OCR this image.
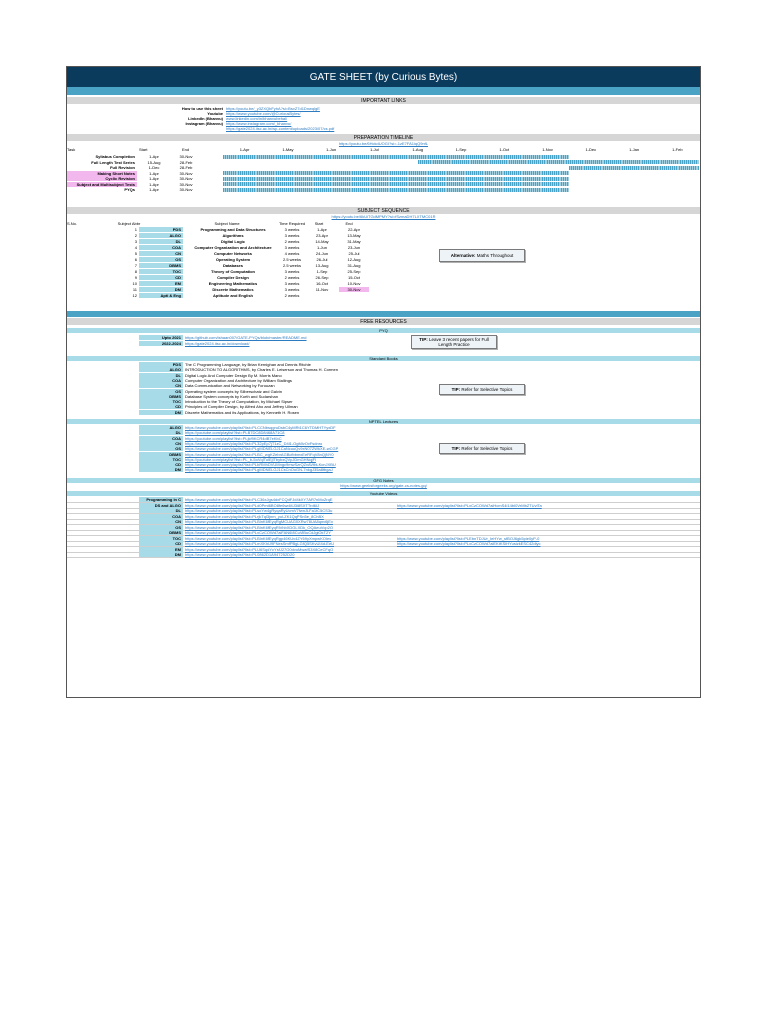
GATE SHEET (by Curious Bytes)
IMPORTANT LINKS
How to use this sheet https://youtu.be/_y3ZXQbFyhA?si=BsvZ7d1DnwqlgE
Youtube https://www.youtube.com/@CuriousBytes/
LinkedIn (Bhanvu) www.linkedin.com/in/bhanvubehal/
Instagram (Bhanvu) https://www.instagram.com/_bhanvu/
https://gate2024.iisc.ac.in/wp-content/uploads/2023/07/cs.pdf
PREPARATION TIMELINE
https://youtu.be/6HckdUOGI?si=-1zE7FA1iqQ9nfL
Task	Start	End	1-Apr	1-May	1-Jun	1-Jul	1-Aug	1-Sep	1-Oct	1-Nov	1-Dec	1-Jan	1-Feb
Syllabus Completion	1-Apr	30-Nov
Full Length Test Series	15-Aug	28-Feb
Full Revision	1-Dec	28-Feb
Making Short Notes	1-Apr	30-Nov
Cyclic Revision	1-Apr	30-Nov
Subject and Multisubject Tests	1-Apr	30-Nov
PYQs	1-Apr	30-Nov
SUBJECT SEQUENCE
https://youtu.be/6kUiTGdMPMY?si=fSzmaDH7LXTMC01R
Alternative:
Maths Throughout
S.No.	Subject Abbr	Subject Name	Time Required	Start	End
1	PDS	Programming and Data Structures	3 weeks	1-Apr	22-Apr
2	ALGO	Algorithms	3 weeks	23-Apr	13-May
3	DL	Digital Logic	2 weeks	14-May	31-May
4	COA	Computer Organization and Architecture	3 weeks	1-Jun	23-Jun
5	CN	Computer Networks	4 weeks	24-Jun	25-Jul
6	OS	Operating System	2.5 weeks	26-Jul	12-Aug
7	DBMS	Databases	2.5 weeks	13-Aug	31-Aug
8	TOC	Theory of Computation	3 weeks	1-Sep	25-Sep
9	CD	Compiler Design	2 weeks	26-Sep	15-Oct
10	EM	Engineering Mathematics	3 weeks	16-Oct	10-Nov
11	DM	Discrete Mathematics	3 weeks	11-Nov	30-Nov
12	Apti & Eng	Aptitude and English	2 weeks
FREE RESOURCES
PYQ
TIP: Leave 3 recent papers for Full Length Practice
Upto 2021	https://github.com/ishaan007/GATE-PYQs/blob/master/README.md
2022-2024	https://gate2024.iisc.ac.in/download/
Standard Books
TIP: Refer for Selective Topics
PDS	The C Programming Language, by Brian Kernighan and Dennis Ritchie
ALGO	INTRODUCTION TO ALGORITHMS, by Charles E. Leiserson and Thomas H. Cormen
DL	Digital Logic And Computer Design By M. Morris Mano
COA	Computer Organization and Architecture by William Stallings
CN	Data Communication and Networking by Forouzan
OS	Operating system concepts by Silberschatz and Galvin
DBMS	Database System concepts by Korth and Sudarshan
TOC	Introduction to the Theory of Computation, by Michael Sipser
CD	Principles of Compiler Design, by Alfred Aho and Jeffrey Ullman
DM	Discrete Mathematics and its Applications, by Kenneth H. Rosen
NPTEL Lectures
TIP: Refer for Selective Topics
ALGO	https://www.youtube.com/playlist?list=PLCCNbsqgruDsbC4yMRt1C6YTDMHTYyxDF
DL	https://youtube.com/playlist?list=PLB7DC8D8468A71C8
COA	https://youtube.com/playlist?list=PLjkf9KCR4dB7eKbC
CN	https://www.youtube.com/playlist?list=PL32pEp7jT1zC_D4l1-OgMlvOvFsdnro
OS	https://www.youtube.com/playlist?list=PLgMDNELGJ1CaNcuuQv9xN07ZWkXE-wCGP
DBMS	https://www.youtube.com/playlist?list=PLBC_wgKZebrAGBcfbbmxEeRFqV8nQjNY0
TOC	https://youtube.com/playlist?list=PL_b-5oVqlTulEjlTbybxQVpJDmGHNqjFl
CD	https://www.youtube.com/playlist?list=PLbRMhDVUMngc9mwSzrQZvAVtbLKcnJXBU
DM	https://www.youtube.com/playlist?list=PLgMDNELGJ1CsCnOoGN-7nkgJ35a8tbgaJ
GFG Notes
https://www.geeksforgeeks.org/gate-cs-notes-gq/
Youtube Videos
Programming in C	https://www.youtube.com/playlist?list=PLC36xJgs4dxFCQdFJd4kXY7AR7nMoZrqE
DS and ALGO	https://www.youtube.com/playlist?list=PLd0Pmt6BO8fe6wdl4J3i8SXTTrd6IJ	https://www.youtube.com/playlist?list=PLxCzCOWd7aiHcmS4i14bI0VrMbZTUvlTa
DL	https://www.youtube.com/playlist?list=PLsoYw4gRyqaRyUcmV7fwnJLFa1tC5CS3u
COA	https://www.youtube.com/playlist?list=PLrjkTql3jnm_yol-ZK1QqPSn5e_8ChBX
CN	https://www.youtube.com/playlist?list=PLBlnK6fEyqRgMCUAG0XRw78UA8qnv6jEx
OS	https://www.youtube.com/playlist?list=PLBlnK6fEyqRiVhbXDGLXDk_OQAeuVcp2O
DBMS	https://www.youtube.com/playlist?list=PLxCzCOWd7aiFAN6I8CuViBuCdJgiOkT2Y
TOC	https://www.youtube.com/playlist?list=PLBlnK6fEyqRgp46KUv4ZY69yXmpwKOIev	https://www.youtube.com/playlist?list=PLEbnTDJUr_IeHYw_sfBOJ6gk5pie0yP-0
CD	https://www.youtube.com/playlist?list=PLmXKhU9FNesSmfPBgLGfQ5SKvUI4d-EeU	https://www.youtube.com/playlist?list=PLxCzCOWd7aiEKtKSIHYusizkESC42diyc
EM	https://www.youtube.com/playlist?list=PLU6SqdYcYsfJ27O0dvuMwafS3X8CeCFqO
DM	https://www.youtube.com/playlist?list=PL0862D1A947252D20
